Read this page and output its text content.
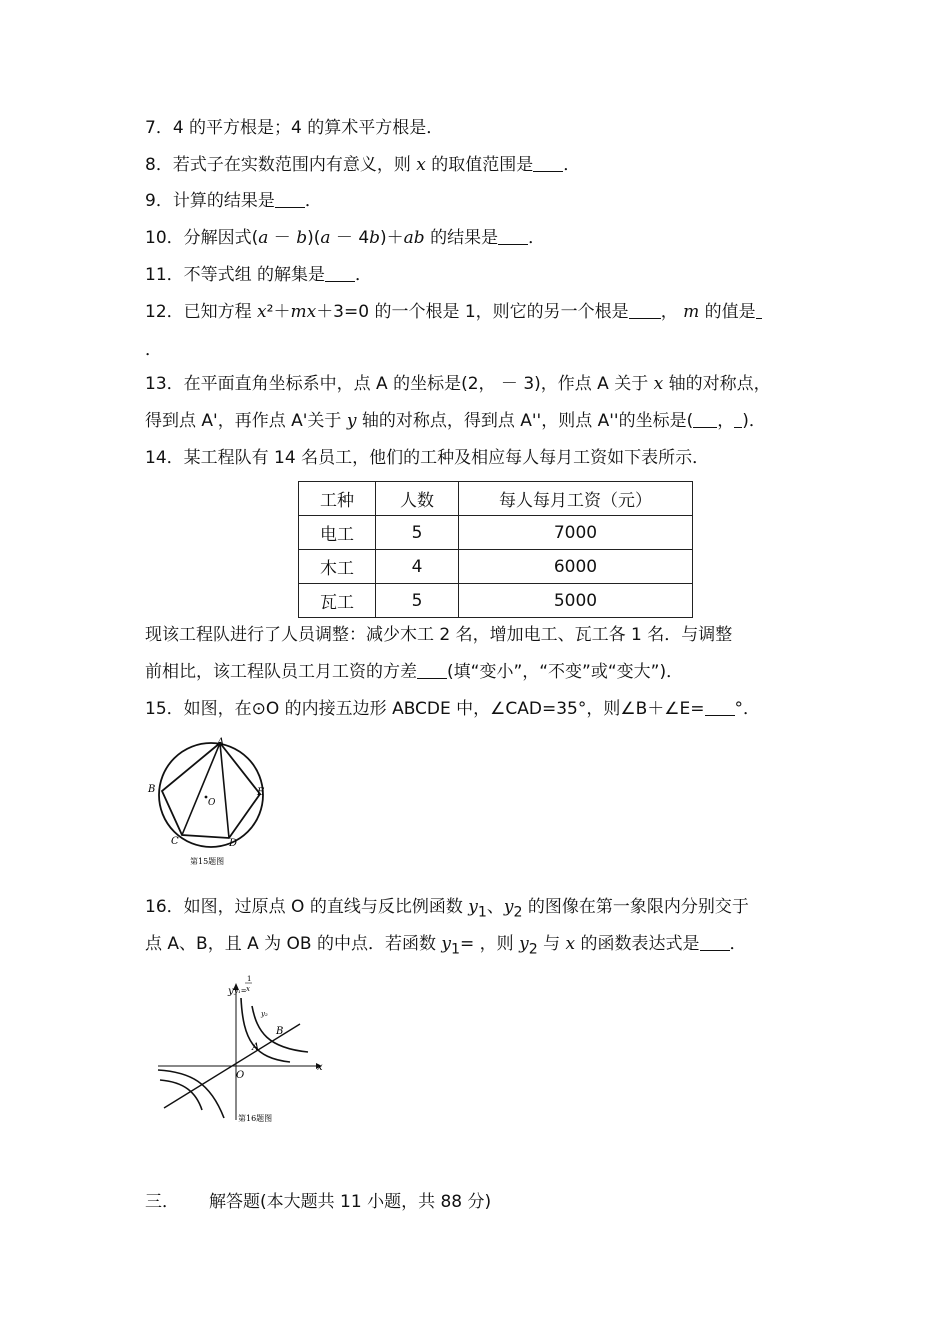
7．4 的平方根是；4 的算术平方根是．
8．若式子在实数范围内有意义，则 x 的取值范围是 ．
9．计算的结果是 ．
10．分解因式(a － b)(a － 4b)＋ab 的结果是 ．
11．不等式组 的解集是 ．
12．已知方程 x²＋mx＋3=0 的一个根是 1，则它的另一个根是 ， m 的值是
．
13．在平面直角坐标系中，点 A 的坐标是(2， － 3)，作点 A 关于 x 轴的对称点，
得到点 A'，再作点 A'关于 y 轴的对称点，得到点 A''，则点 A''的坐标是( ， )．
14．某工程队有 14 名员工，他们的工种及相应每人每月工资如下表所示．
工种	人数	每人每月工资（元）
电工	5	7000
木工	4	6000
瓦工	5	5000
现该工程队进行了人员调整：减少木工 2 名，增加电工、瓦工各 1 名．与调整
前相比，该工程队员工月工资的方差 (填“变小”，“不变”或“变大”)．
15．如图，在⊙O 的内接五边形 ABCDE 中，∠CAD=35°，则∠B＋∠E= °．
A
B
C	D
E
O
第15题图
16．如图，过原点 O 的直线与反比例函数 $y_1$、$y_2$ 的图像在第一象限内分别交于
点 A、B，且 A 为 OB 的中点．若函数 $y_1=$ ，则 $y_2$ 与 x 的函数表达式是 ．
y y₁=
1
x
y₂
A
B
O
x
第16题图
三． 解答题(本大题共 11 小题，共 88 分)
